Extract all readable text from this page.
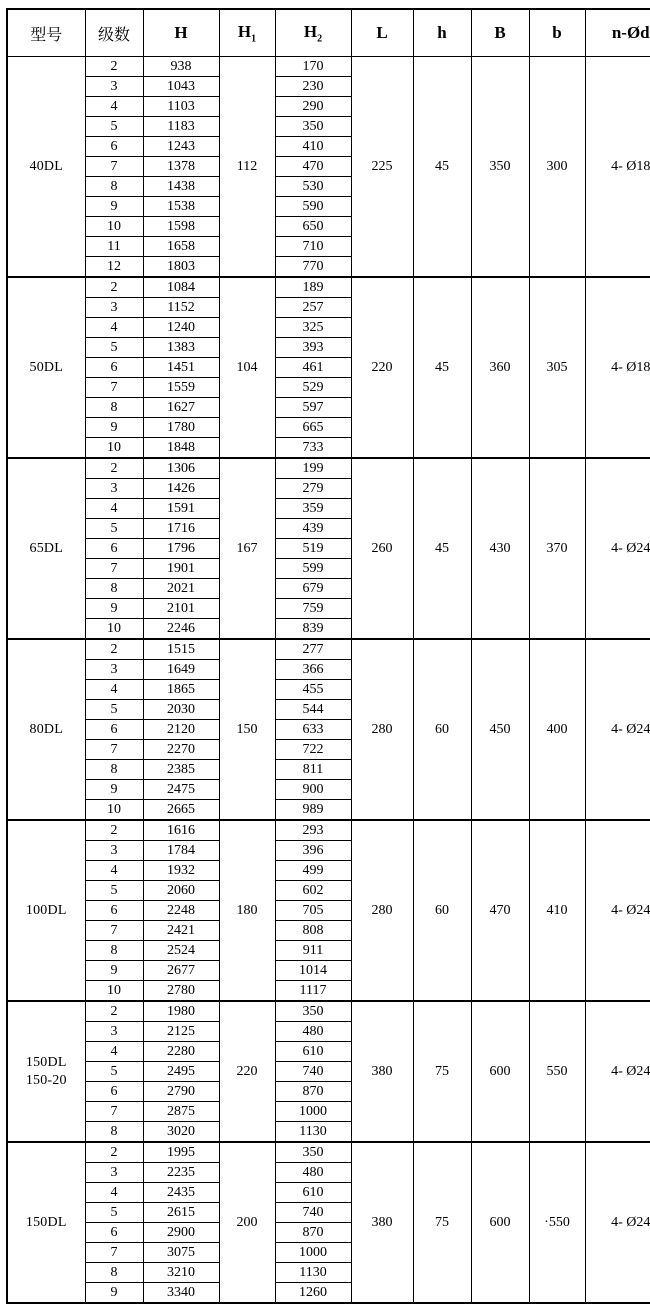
型号	级数	H	$H_1$	$H_2$	L	h	B	b	n-Ød
40DL	2	938	112	170	225	45	350	300	4- Ø18
	3	1043		230					
	4	1103		290					
	5	1183		350					
	6	1243		410					
	7	1378		470					
	8	1438		530					
	9	1538		590					
	10	1598		650					
	11	1658		710					
	12	1803		770					
50DL	2	1084	104	189	220	45	360	305	4- Ø18
	3	1152		257					
	4	1240		325					
	5	1383		393					
	6	1451		461					
	7	1559		529					
	8	1627		597					
	9	1780		665					
	10	1848		733					
65DL	2	1306	167	199	260	45	430	370	4- Ø24
	3	1426		279					
	4	1591		359					
	5	1716		439					
	6	1796		519					
	7	1901		599					
	8	2021		679					
	9	2101		759					
	10	2246		839					
80DL	2	1515	150	277	280	60	450	400	4- Ø24
	3	1649		366					
	4	1865		455					
	5	2030		544					
	6	2120		633					
	7	2270		722					
	8	2385		811					
	9	2475		900					
	10	2665		989					
100DL	2	1616	180	293	280	60	470	410	4- Ø24
	3	1784		396					
	4	1932		499					
	5	2060		602					
	6	2248		705					
	7	2421		808					
	8	2524		911					
	9	2677		1014					
	10	2780		1117					
150DL
150-20	2	1980	220	350	380	75	600	550	4- Ø24
	3	2125		480					
	4	2280		610					
	5	2495		740					
	6	2790		870					
	7	2875		1000					
	8	3020		1130					
150DL	2	1995	200	350	380	75	600	·550	4- Ø24
	3	2235		480					
	4	2435		610					
	5	2615		740					
	6	2900		870					
	7	3075		1000					
	8	3210		1130					
	9	3340		1260					
